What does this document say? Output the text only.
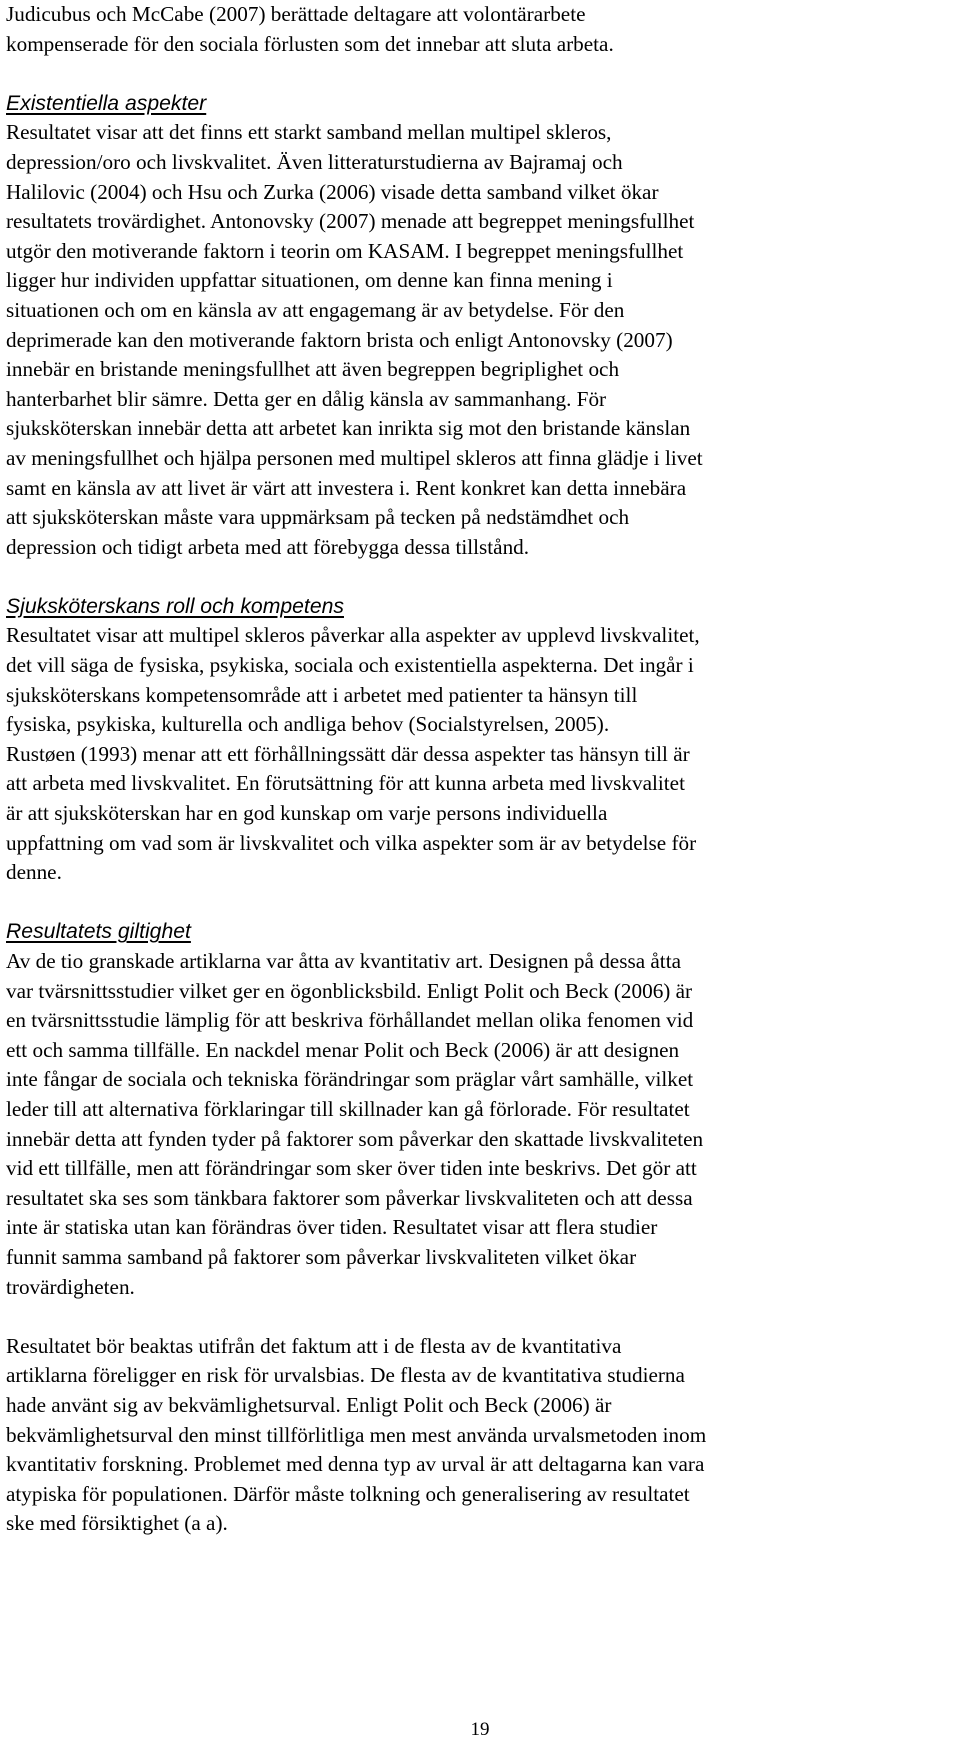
Judicubus och McCabe (2007) berättade deltagare att volontärarbete
kompenserade för den sociala förlusten som det innebar att sluta arbeta.

Existentiella aspekter

Resultatet visar att det finns ett starkt samband mellan multipel skleros,
depression/oro och livskvalitet. Även litteraturstudierna av Bajramaj och
Halilovic (2004) och Hsu och Zurka (2006) visade detta samband vilket ökar
resultatets trovärdighet. Antonovsky (2007) menade att begreppet meningsfullhet
utgör den motiverande faktorn i teorin om KASAM. I begreppet meningsfullhet
ligger hur individen uppfattar situationen, om denne kan finna mening i
situationen och om en känsla av att engagemang är av betydelse. För den
deprimerade kan den motiverande faktorn brista och enligt Antonovsky (2007)
innebär en bristande meningsfullhet att även begreppen begriplighet och
hanterbarhet blir sämre. Detta ger en dålig känsla av sammanhang. För
sjuksköterskan innebär detta att arbetet kan inrikta sig mot den bristande känslan
av meningsfullhet och hjälpa personen med multipel skleros att finna glädje i livet
samt en känsla av att livet är värt att investera i. Rent konkret kan detta innebära
att sjuksköterskan måste vara uppmärksam på tecken på nedstämdhet och
depression och tidigt arbeta med att förebygga dessa tillstånd.

Sjuksköterskans roll och kompetens

Resultatet visar att multipel skleros påverkar alla aspekter av upplevd livskvalitet,
det vill säga de fysiska, psykiska, sociala och existentiella aspekterna. Det ingår i
sjuksköterskans kompetensområde att i arbetet med patienter ta hänsyn till
fysiska, psykiska, kulturella och andliga behov (Socialstyrelsen, 2005).
Rustøen (1993) menar att ett förhållningssätt där dessa aspekter tas hänsyn till är
att arbeta med livskvalitet. En förutsättning för att kunna arbeta med livskvalitet
är att sjuksköterskan har en god kunskap om varje persons individuella
uppfattning om vad som är livskvalitet och vilka aspekter som är av betydelse för
denne.

Resultatets giltighet

Av de tio granskade artiklarna var åtta av kvantitativ art. Designen på dessa åtta
var tvärsnittsstudier vilket ger en ögonblicksbild. Enligt Polit och Beck (2006) är
en tvärsnittsstudie lämplig för att beskriva förhållandet mellan olika fenomen vid
ett och samma tillfälle. En nackdel menar Polit och Beck (2006) är att designen
inte fångar de sociala och tekniska förändringar som präglar vårt samhälle, vilket
leder till att alternativa förklaringar till skillnader kan gå förlorade. För resultatet
innebär detta att fynden tyder på faktorer som påverkar den skattade livskvaliteten
vid ett tillfälle, men att förändringar som sker över tiden inte beskrivs. Det gör att
resultatet ska ses som tänkbara faktorer som påverkar livskvaliteten och att dessa
inte är statiska utan kan förändras över tiden. Resultatet visar att flera studier
funnit samma samband på faktorer som påverkar livskvaliteten vilket ökar
trovärdigheten.

Resultatet bör beaktas utifrån det faktum att i de flesta av de kvantitativa
artiklarna föreligger en risk för urvalsbias. De flesta av de kvantitativa studierna
hade använt sig av bekvämlighetsurval. Enligt Polit och Beck (2006) är
bekvämlighetsurval den minst tillförlitliga men mest använda urvalsmetoden inom
kvantitativ forskning. Problemet med denna typ av urval är att deltagarna kan vara
atypiska för populationen. Därför måste tolkning och generalisering av resultatet
ske med försiktighet (a a).

19
